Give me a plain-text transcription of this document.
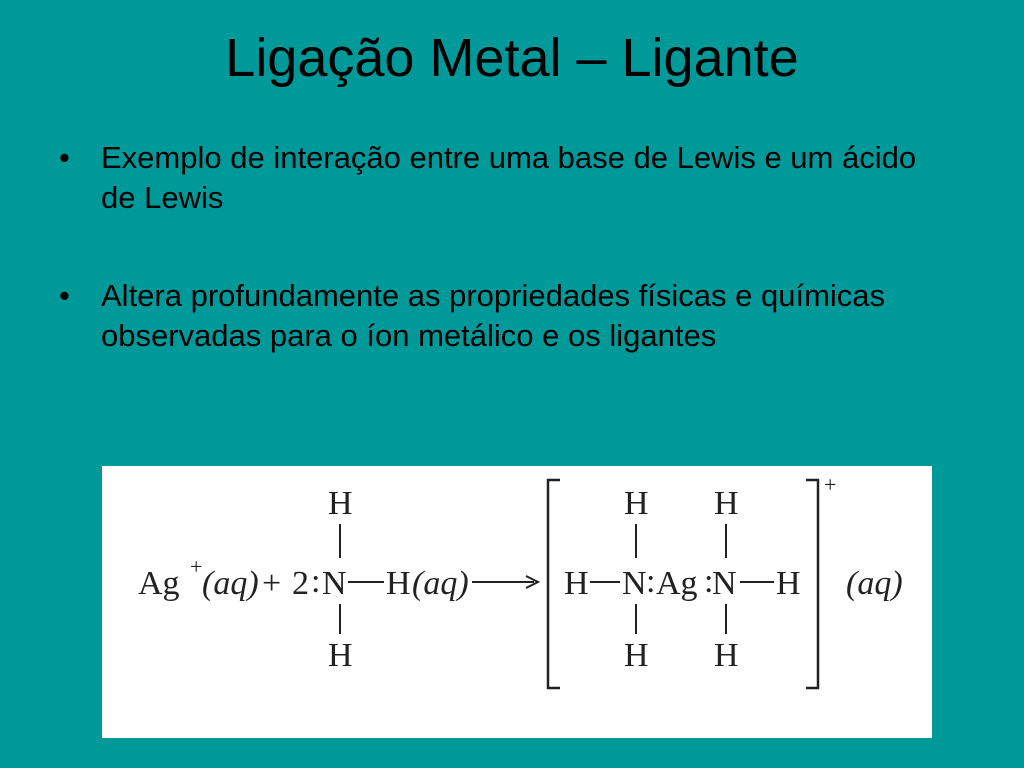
Ligação Metal – Ligante
• Exemplo de interação entre uma base de Lewis e um ácido de Lewis
• Altera profundamente as propriedades físicas e químicas observadas para o íon metálico e os ligantes
Ag + (aq) + 2 : N
H
H
H (aq)	H N
H
H
: Ag :
N
H
H
H
+
(aq)
